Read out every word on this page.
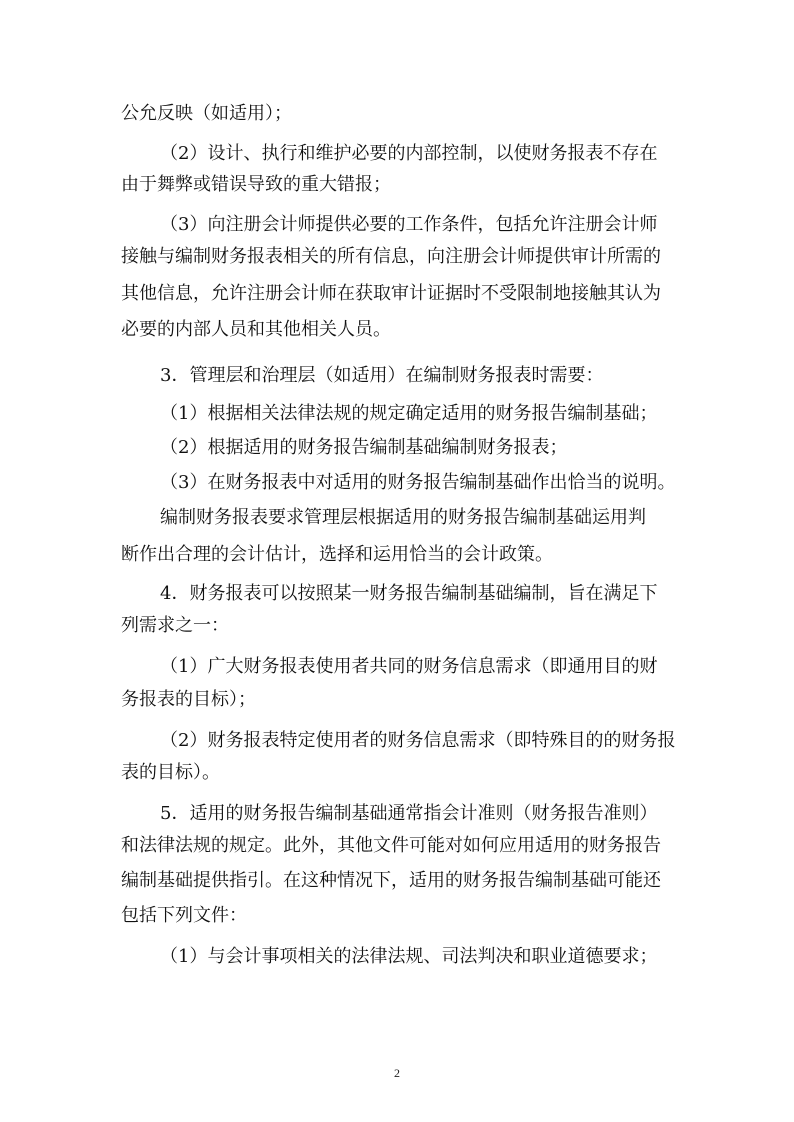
公允反映（如适用）；
（2）设计、执行和维护必要的内部控制，以使财务报表不存在
由于舞弊或错误导致的重大错报；
（3）向注册会计师提供必要的工作条件，包括允许注册会计师
接触与编制财务报表相关的所有信息，向注册会计师提供审计所需的
其他信息，允许注册会计师在获取审计证据时不受限制地接触其认为
必要的内部人员和其他相关人员。
3．管理层和治理层（如适用）在编制财务报表时需要：
（1）根据相关法律法规的规定确定适用的财务报告编制基础；
（2）根据适用的财务报告编制基础编制财务报表；
（3）在财务报表中对适用的财务报告编制基础作出恰当的说明。
编制财务报表要求管理层根据适用的财务报告编制基础运用判
断作出合理的会计估计，选择和运用恰当的会计政策。
4．财务报表可以按照某一财务报告编制基础编制，旨在满足下
列需求之一：
（1）广大财务报表使用者共同的财务信息需求（即通用目的财
务报表的目标）；
（2）财务报表特定使用者的财务信息需求（即特殊目的的财务报
表的目标）。
5．适用的财务报告编制基础通常指会计准则（财务报告准则）
和法律法规的规定。此外，其他文件可能对如何应用适用的财务报告
编制基础提供指引。在这种情况下，适用的财务报告编制基础可能还
包括下列文件：
（1）与会计事项相关的法律法规、司法判决和职业道德要求；
2
